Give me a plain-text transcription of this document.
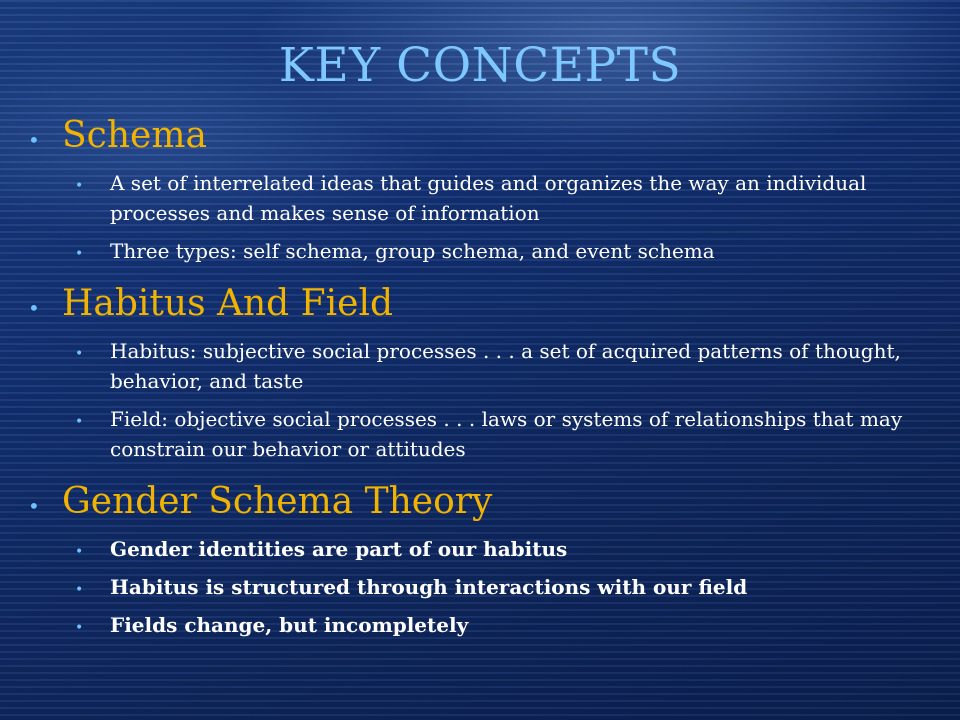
KEY CONCEPTS
• Schema
•	A set of interrelated ideas that guides and organizes the way an individual processes and makes sense of information
•	Three types: self schema, group schema, and event schema
• Habitus And Field
•	Habitus: subjective social processes . . . a set of acquired patterns of thought, behavior, and taste
•	Field: objective social processes . . . laws or systems of relationships that may constrain our behavior or attitudes
• Gender Schema Theory
•	Gender identities are part of our habitus
•	Habitus is structured through interactions with our field
•	Fields change, but incompletely
